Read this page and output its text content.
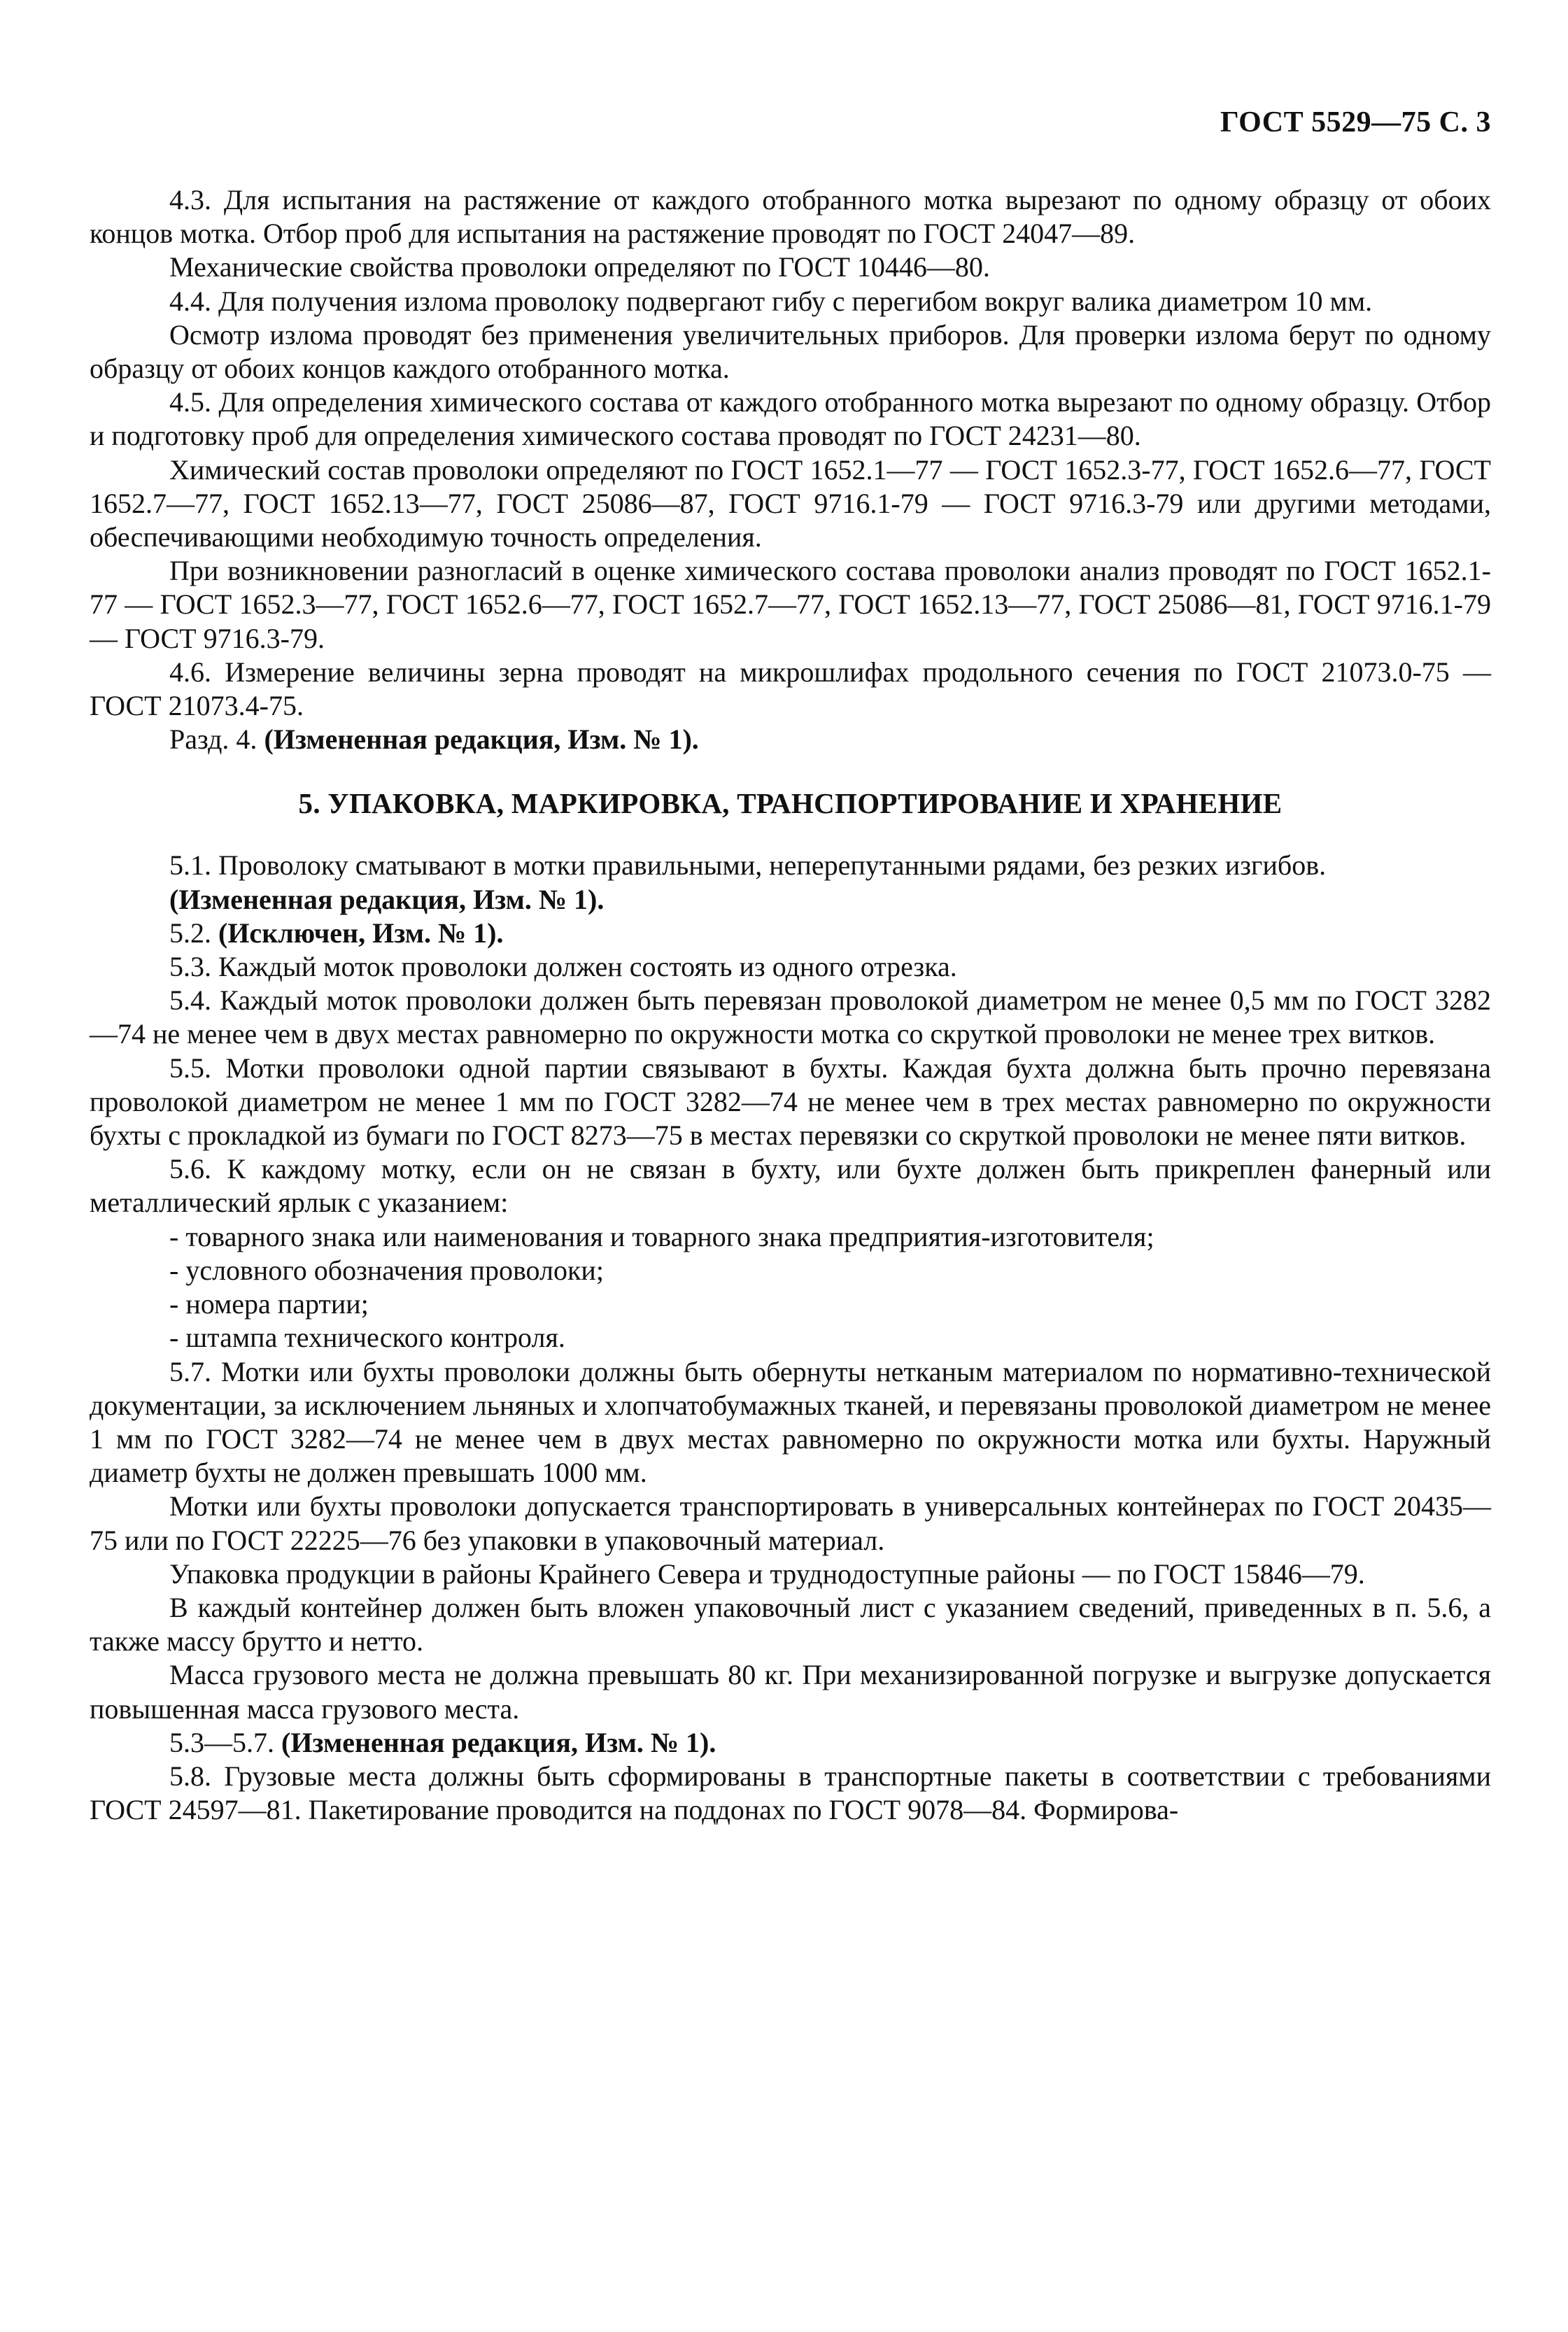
ГОСТ 5529—75 С. 3

4.3. Для испытания на растяжение от каждого отобранного мотка вырезают по одному образцу от обоих концов мотка. Отбор проб для испытания на растяжение проводят по ГОСТ 24047—89.

Механические свойства проволоки определяют по ГОСТ 10446—80.

4.4. Для получения излома проволоку подвергают гибу с перегибом вокруг валика диаметром 10 мм.

Осмотр излома проводят без применения увеличительных приборов. Для проверки излома берут по одному образцу от обоих концов каждого отобранного мотка.

4.5. Для определения химического состава от каждого отобранного мотка вырезают по одному образцу. Отбор и подготовку проб для определения химического состава проводят по ГОСТ 24231—80.

Химический состав проволоки определяют по ГОСТ 1652.1—77 — ГОСТ 1652.3-77, ГОСТ 1652.6—77, ГОСТ 1652.7—77, ГОСТ 1652.13—77, ГОСТ 25086—87, ГОСТ 9716.1-79 — ГОСТ 9716.3-79 или другими методами, обеспечивающими необходимую точность определения.

При возникновении разногласий в оценке химического состава проволоки анализ проводят по ГОСТ 1652.1-77 — ГОСТ 1652.3—77, ГОСТ 1652.6—77, ГОСТ 1652.7—77, ГОСТ 1652.13—77, ГОСТ 25086—81, ГОСТ 9716.1-79 — ГОСТ 9716.3-79.

4.6. Измерение величины зерна проводят на микрошлифах продольного сечения по ГОСТ 21073.0-75 — ГОСТ 21073.4-75.

Разд. 4. (Измененная редакция, Изм. № 1).

5. УПАКОВКА, МАРКИРОВКА, ТРАНСПОРТИРОВАНИЕ И ХРАНЕНИЕ

5.1. Проволоку сматывают в мотки правильными, неперепутанными рядами, без резких изгибов.

(Измененная редакция, Изм. № 1).

5.2. (Исключен, Изм. № 1).

5.3. Каждый моток проволоки должен состоять из одного отрезка.

5.4. Каждый моток проволоки должен быть перевязан проволокой диаметром не менее 0,5 мм по ГОСТ 3282—74 не менее чем в двух местах равномерно по окружности мотка со скруткой проволоки не менее трех витков.

5.5. Мотки проволоки одной партии связывают в бухты. Каждая бухта должна быть прочно перевязана проволокой диаметром не менее 1 мм по ГОСТ 3282—74 не менее чем в трех местах равномерно по окружности бухты с прокладкой из бумаги по ГОСТ 8273—75 в местах перевязки со скруткой проволоки не менее пяти витков.

5.6. К каждому мотку, если он не связан в бухту, или бухте должен быть прикреплен фанерный или металлический ярлык с указанием:

- товарного знака или наименования и товарного знака предприятия-изготовителя;

- условного обозначения проволоки;

- номера партии;

- штампа технического контроля.

5.7. Мотки или бухты проволоки должны быть обернуты нетканым материалом по нормативно-технической документации, за исключением льняных и хлопчатобумажных тканей, и перевязаны проволокой диаметром не менее 1 мм по ГОСТ 3282—74 не менее чем в двух местах равномерно по окружности мотка или бухты. Наружный диаметр бухты не должен превышать 1000 мм.

Мотки или бухты проволоки допускается транспортировать в универсальных контейнерах по ГОСТ 20435—75 или по ГОСТ 22225—76 без упаковки в упаковочный материал.

Упаковка продукции в районы Крайнего Севера и труднодоступные районы — по ГОСТ 15846—79.

В каждый контейнер должен быть вложен упаковочный лист с указанием сведений, приведенных в п. 5.6, а также массу брутто и нетто.

Масса грузового места не должна превышать 80 кг. При механизированной погрузке и выгрузке допускается повышенная масса грузового места.

5.3—5.7. (Измененная редакция, Изм. № 1).

5.8. Грузовые места должны быть сформированы в транспортные пакеты в соответствии с требованиями ГОСТ 24597—81. Пакетирование проводится на поддонах по ГОСТ 9078—84. Формирова-
